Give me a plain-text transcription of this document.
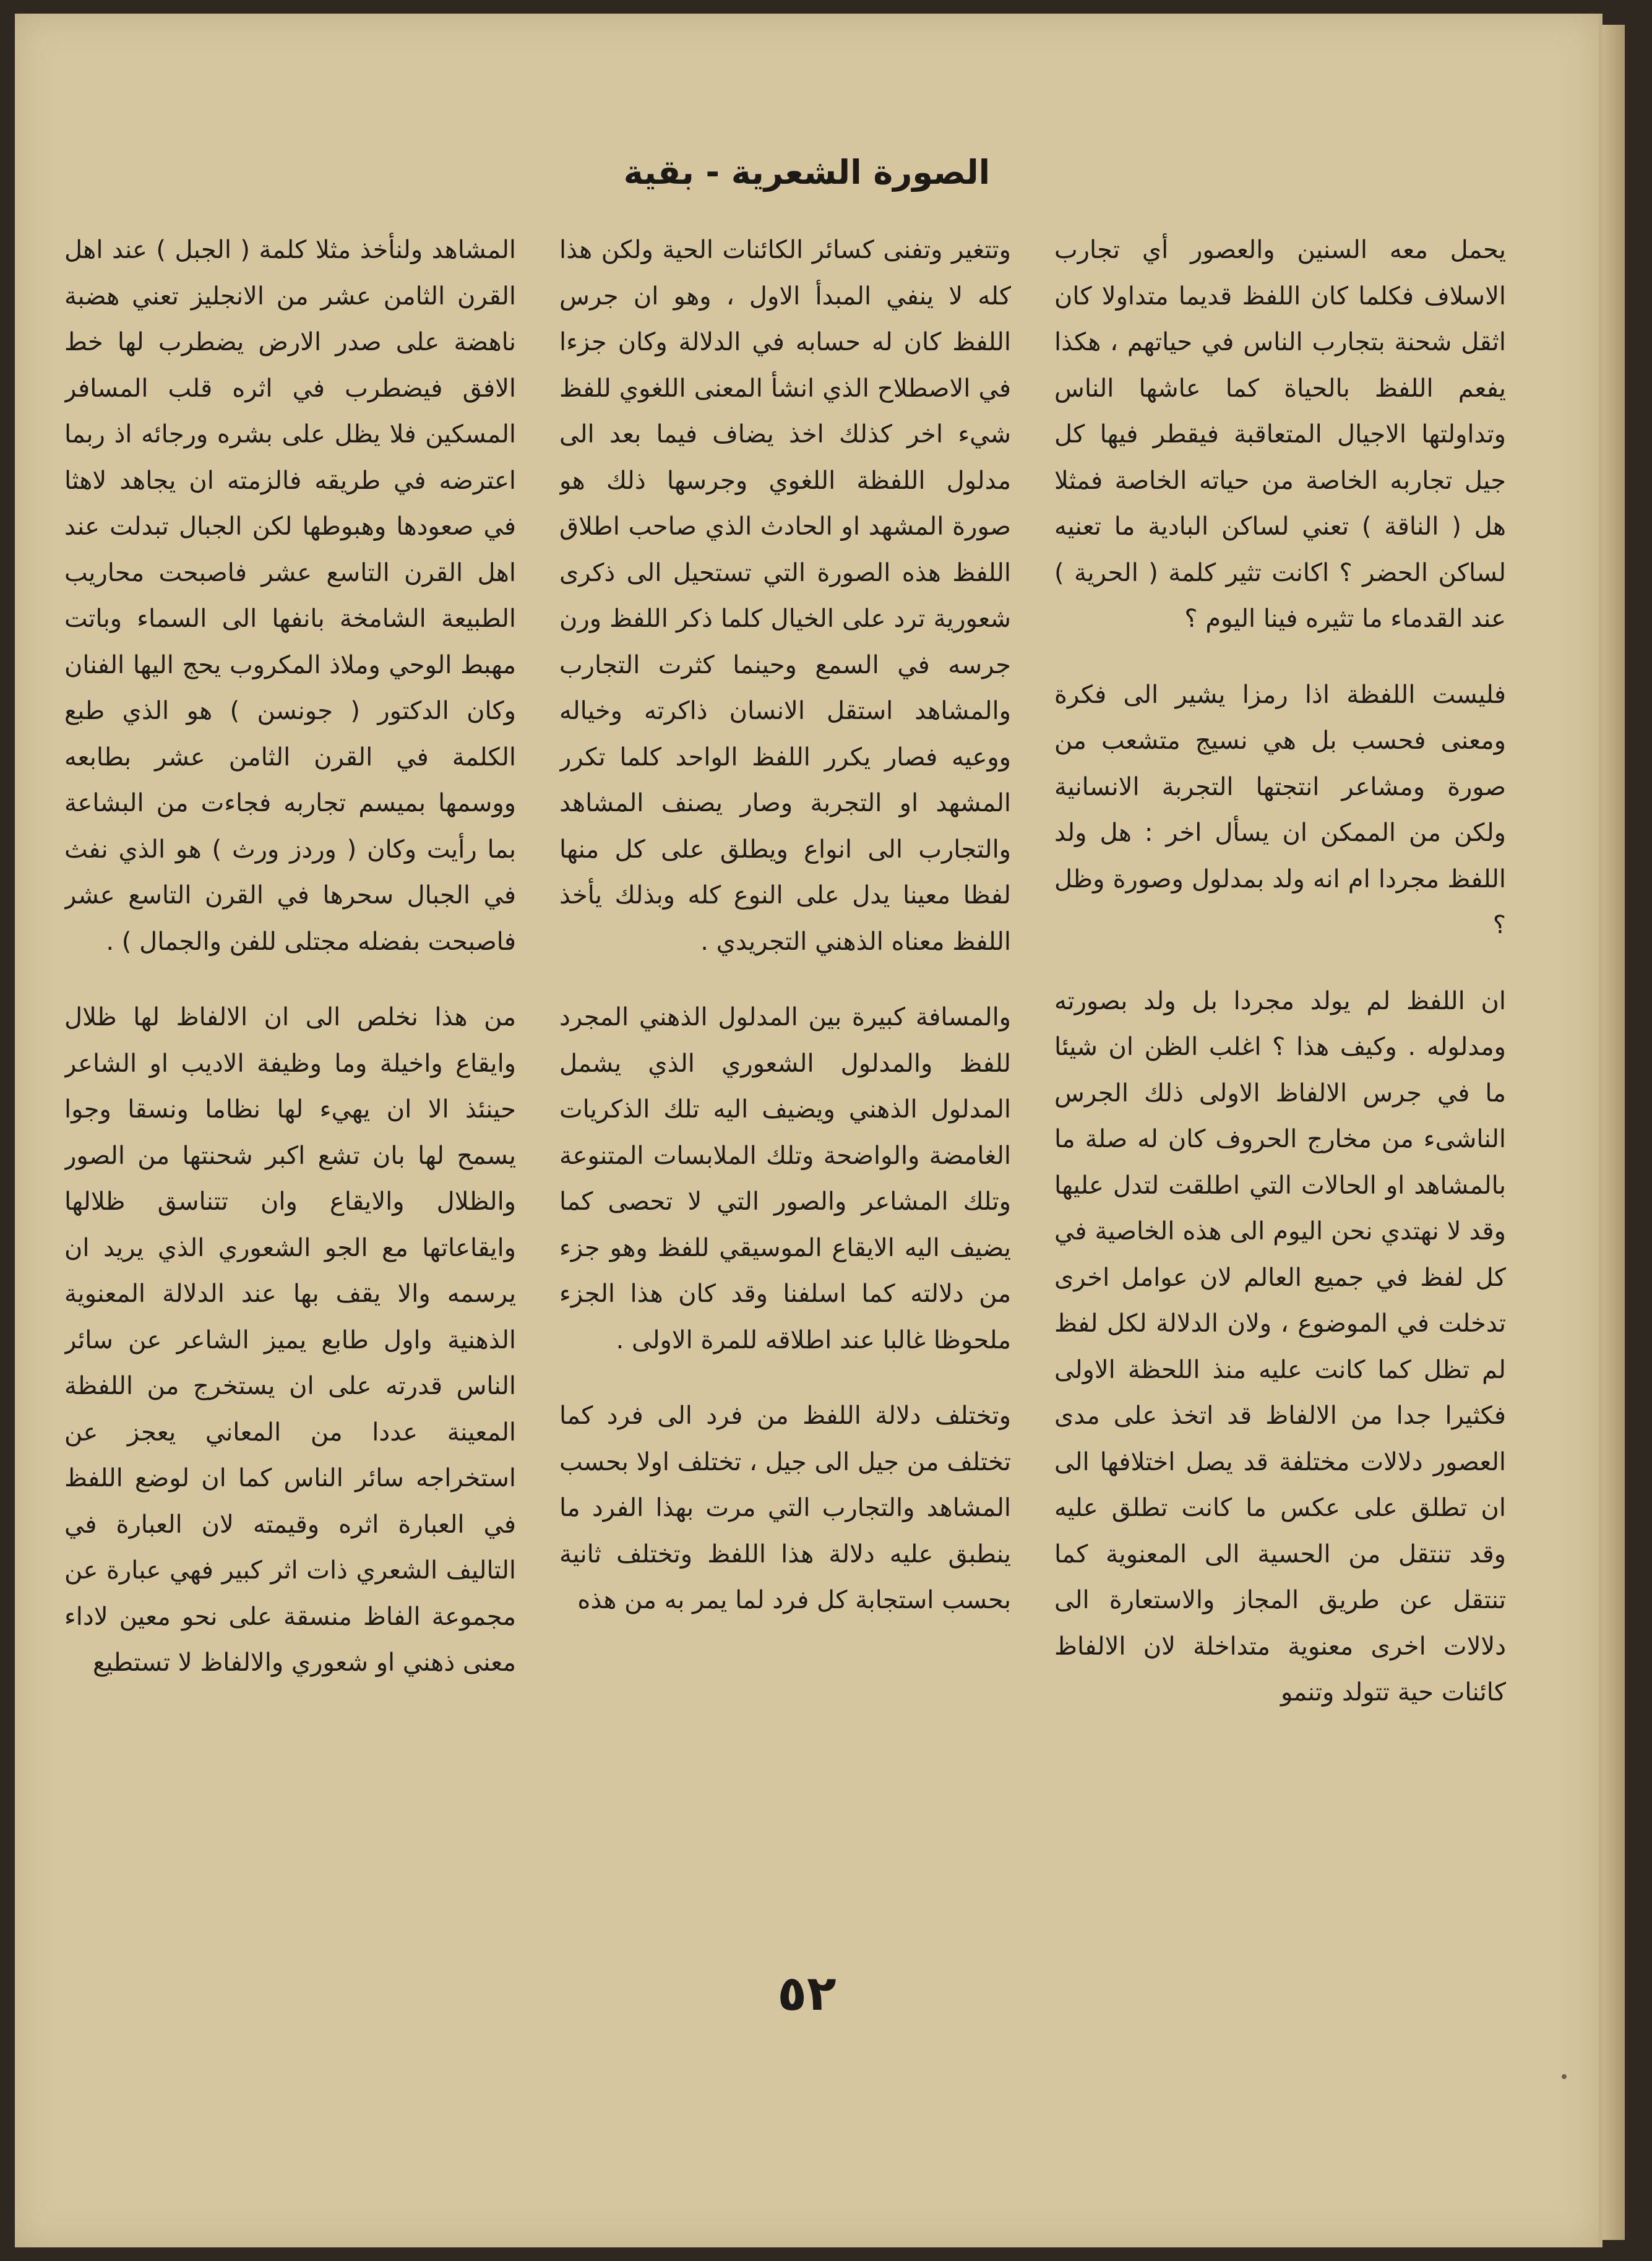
الصورة الشعرية - بقية

يحمل معه السنين والعصور أي تجارب الاسلاف فكلما كان اللفظ قديما متداولا كان اثقل شحنة بتجارب الناس في حياتهم ، هكذا يفعم اللفظ بالحياة كما عاشها الناس وتداولتها الاجيال المتعاقبة فيقطر فيها كل جيل تجاربه الخاصة من حياته الخاصة فمثلا هل ( الناقة ) تعني لساكن البادية ما تعنيه لساكن الحضر ؟ اكانت تثير كلمة ( الحرية ) عند القدماء ما تثيره فينا اليوم ؟

فليست اللفظة اذا رمزا يشير الى فكرة ومعنى فحسب بل هي نسيج متشعب من صورة ومشاعر انتجتها التجربة الانسانية ولكن من الممكن ان يسأل اخر : هل ولد اللفظ مجردا ام انه ولد بمدلول وصورة وظل ؟

ان اللفظ لم يولد مجردا بل ولد بصورته ومدلوله . وكيف هذا ؟ اغلب الظن ان شيئا ما في جرس الالفاظ الاولى ذلك الجرس الناشىء من مخارج الحروف كان له صلة ما بالمشاهد او الحالات التي اطلقت لتدل عليها وقد لا نهتدي نحن اليوم الى هذه الخاصية في كل لفظ في جميع العالم لان عوامل اخرى تدخلت في الموضوع ، ولان الدلالة لكل لفظ لم تظل كما كانت عليه منذ اللحظة الاولى فكثيرا جدا من الالفاظ قد اتخذ على مدى العصور دلالات مختلفة قد يصل اختلافها الى ان تطلق على عكس ما كانت تطلق عليه وقد تنتقل من الحسية الى المعنوية كما تنتقل عن طريق المجاز والاستعارة الى دلالات اخرى معنوية متداخلة لان الالفاظ كائنات حية تتولد وتنمو

وتتغير وتفنى كسائر الكائنات الحية ولكن هذا كله لا ينفي المبدأ الاول ، وهو ان جرس اللفظ كان له حسابه في الدلالة وكان جزءا في الاصطلاح الذي انشأ المعنى اللغوي للفظ شيء اخر كذلك اخذ يضاف فيما بعد الى مدلول اللفظة اللغوي وجرسها ذلك هو صورة المشهد او الحادث الذي صاحب اطلاق اللفظ هذه الصورة التي تستحيل الى ذكرى شعورية ترد على الخيال كلما ذكر اللفظ ورن جرسه في السمع وحينما كثرت التجارب والمشاهد استقل الانسان ذاكرته وخياله ووعيه فصار يكرر اللفظ الواحد كلما تكرر المشهد او التجربة وصار يصنف المشاهد والتجارب الى انواع ويطلق على كل منها لفظا معينا يدل على النوع كله وبذلك يأخذ اللفظ معناه الذهني التجريدي .

والمسافة كبيرة بين المدلول الذهني المجرد للفظ والمدلول الشعوري الذي يشمل المدلول الذهني ويضيف اليه تلك الذكريات الغامضة والواضحة وتلك الملابسات المتنوعة وتلك المشاعر والصور التي لا تحصى كما يضيف اليه الايقاع الموسيقي للفظ وهو جزء من دلالته كما اسلفنا وقد كان هذا الجزء ملحوظا غالبا عند اطلاقه للمرة الاولى .

وتختلف دلالة اللفظ من فرد الى فرد كما تختلف من جيل الى جيل ، تختلف اولا بحسب المشاهد والتجارب التي مرت بهذا الفرد ما ينطبق عليه دلالة هذا اللفظ وتختلف ثانية بحسب استجابة كل فرد لما يمر به من هذه

المشاهد ولنأخذ مثلا كلمة ( الجبل ) عند اهل القرن الثامن عشر من الانجليز تعني هضبة ناهضة على صدر الارض يضطرب لها خط الافق فيضطرب في اثره قلب المسافر المسكين فلا يظل على بشره ورجائه اذ ربما اعترضه في طريقه فالزمته ان يجاهد لاهثا في صعودها وهبوطها لكن الجبال تبدلت عند اهل القرن التاسع عشر فاصبحت محاريب الطبيعة الشامخة بانفها الى السماء وباتت مهبط الوحي وملاذ المكروب يحج اليها الفنان وكان الدكتور ( جونسن ) هو الذي طبع الكلمة في القرن الثامن عشر بطابعه ووسمها بميسم تجاربه فجاءت من البشاعة بما رأيت وكان ( وردز ورث ) هو الذي نفث في الجبال سحرها في القرن التاسع عشر فاصبحت بفضله مجتلى للفن والجمال ) .

من هذا نخلص الى ان الالفاظ لها ظلال وايقاع واخيلة وما وظيفة الاديب او الشاعر حينئذ الا ان يهيء لها نظاما ونسقا وجوا يسمح لها بان تشع اكبر شحنتها من الصور والظلال والايقاع وان تتناسق ظلالها وايقاعاتها مع الجو الشعوري الذي يريد ان يرسمه والا يقف بها عند الدلالة المعنوية الذهنية واول طابع يميز الشاعر عن سائر الناس قدرته على ان يستخرج من اللفظة المعينة عددا من المعاني يعجز عن استخراجه سائر الناس كما ان لوضع اللفظ في العبارة اثره وقيمته لان العبارة في التاليف الشعري ذات اثر كبير فهي عبارة عن مجموعة الفاظ منسقة على نحو معين لاداء معنى ذهني او شعوري والالفاظ لا تستطيع

٥٢
